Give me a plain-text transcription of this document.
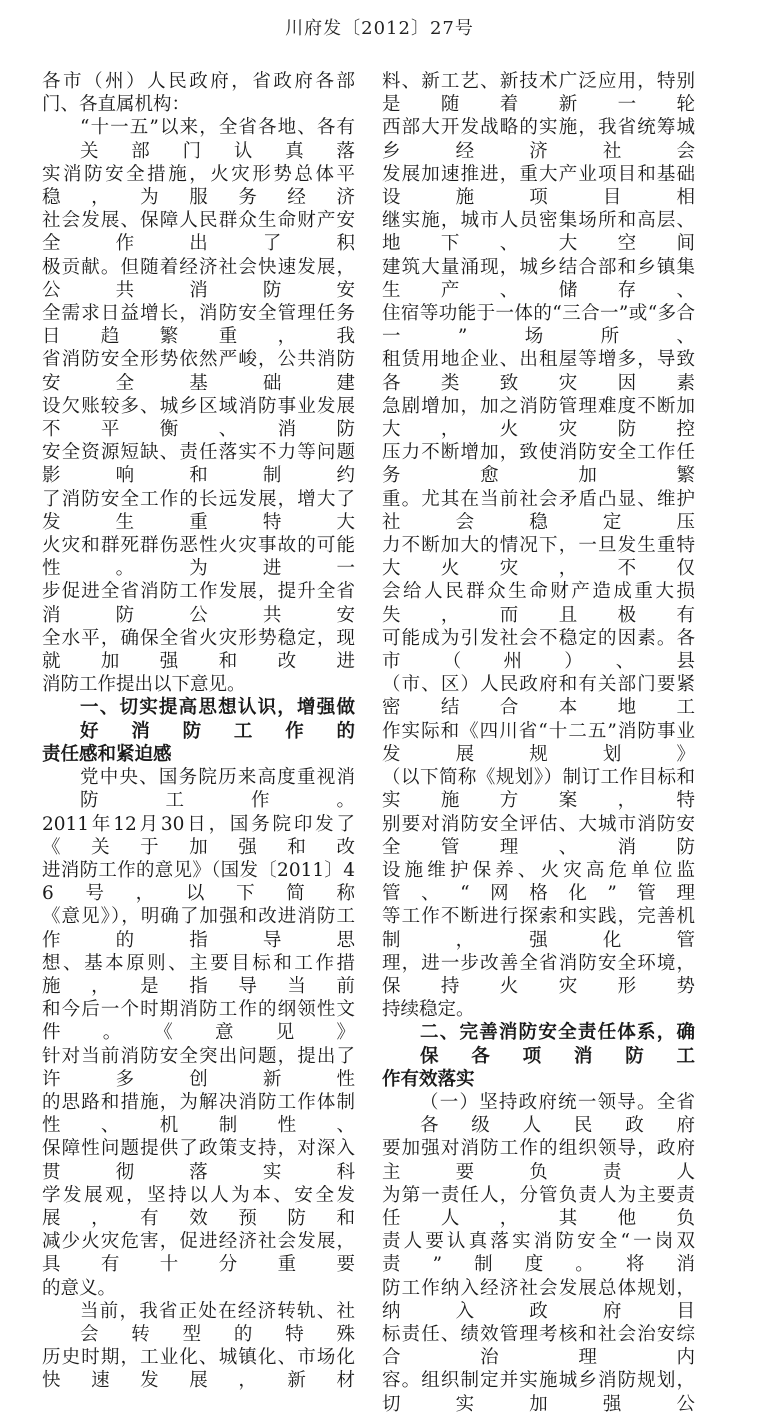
川府发〔2012〕27号
各市（州）人民政府，省政府各部门、各直属机构：
“十一五”以来，全省各地、各有关部门认真落
实消防安全措施，火灾形势总体平稳，为服务经济
社会发展、保障人民群众生命财产安全作出了积
极贡献。但随着经济社会快速发展，公共消防安
全需求日益增长，消防安全管理任务日趋繁重，我
省消防安全形势依然严峻，公共消防安全基础建
设欠账较多、城乡区域消防事业发展不平衡、消防
安全资源短缺、责任落实不力等问题影响和制约
了消防安全工作的长远发展，增大了发生重特大
火灾和群死群伤恶性火灾事故的可能性。为进一
步促进全省消防工作发展，提升全省消防公共安
全水平，确保全省火灾形势稳定，现就加强和改进
消防工作提出以下意见。
一、切实提高思想认识，增强做好消防工作的
责任感和紧迫感
党中央、国务院历来高度重视消防工作。
2011年12月30日，国务院印发了《关于加强和改
进消防工作的意见》（国发〔2011〕46号，以下简称
《意见》），明确了加强和改进消防工作的指导思
想、基本原则、主要目标和工作措施，是指导当前
和今后一个时期消防工作的纲领性文件。《意见》
针对当前消防安全突出问题，提出了许多创新性
的思路和措施，为解决消防工作体制性、机制性、
保障性问题提供了政策支持，对深入贯彻落实科
学发展观，坚持以人为本、安全发展，有效预防和
减少火灾危害，促进经济社会发展，具有十分重要
的意义。
当前，我省正处在经济转轨、社会转型的特殊
历史时期，工业化、城镇化、市场化快速发展，新材
料、新工艺、新技术广泛应用，特别是随着新一轮
西部大开发战略的实施，我省统筹城乡经济社会
发展加速推进，重大产业项目和基础设施项目相
继实施，城市人员密集场所和高层、地下、大空间
建筑大量涌现，城乡结合部和乡镇集生产、储存、
住宿等功能于一体的“三合一”或“多合一”场所、
租赁用地企业、出租屋等增多，导致各类致灾因素
急剧增加，加之消防管理难度不断加大，火灾防控
压力不断增加，致使消防安全工作任务愈加繁
重。尤其在当前社会矛盾凸显、维护社会稳定压
力不断加大的情况下，一旦发生重特大火灾，不仅
会给人民群众生命财产造成重大损失，而且极有
可能成为引发社会不稳定的因素。各市（州）、县
（市、区）人民政府和有关部门要紧密结合本地工
作实际和《四川省“十二五”消防事业发展规划》
（以下简称《规划》）制订工作目标和实施方案，特
别要对消防安全评估、大城市消防安全管理、消防
设施维护保养、火灾高危单位监管、“网格化”管理
等工作不断进行探索和实践，完善机制，强化管
理，进一步改善全省消防安全环境，保持火灾形势
持续稳定。
二、完善消防安全责任体系，确保各项消防工
作有效落实
（一）坚持政府统一领导。全省各级人民政府
要加强对消防工作的组织领导，政府主要负责人
为第一责任人，分管负责人为主要责任人，其他负
责人要认真落实消防安全“一岗双责”制度。将消
防工作纳入经济社会发展总体规划，纳入政府目
标责任、绩效管理考核和社会治安综合治理内
容。组织制定并实施城乡消防规划，切实加强公
